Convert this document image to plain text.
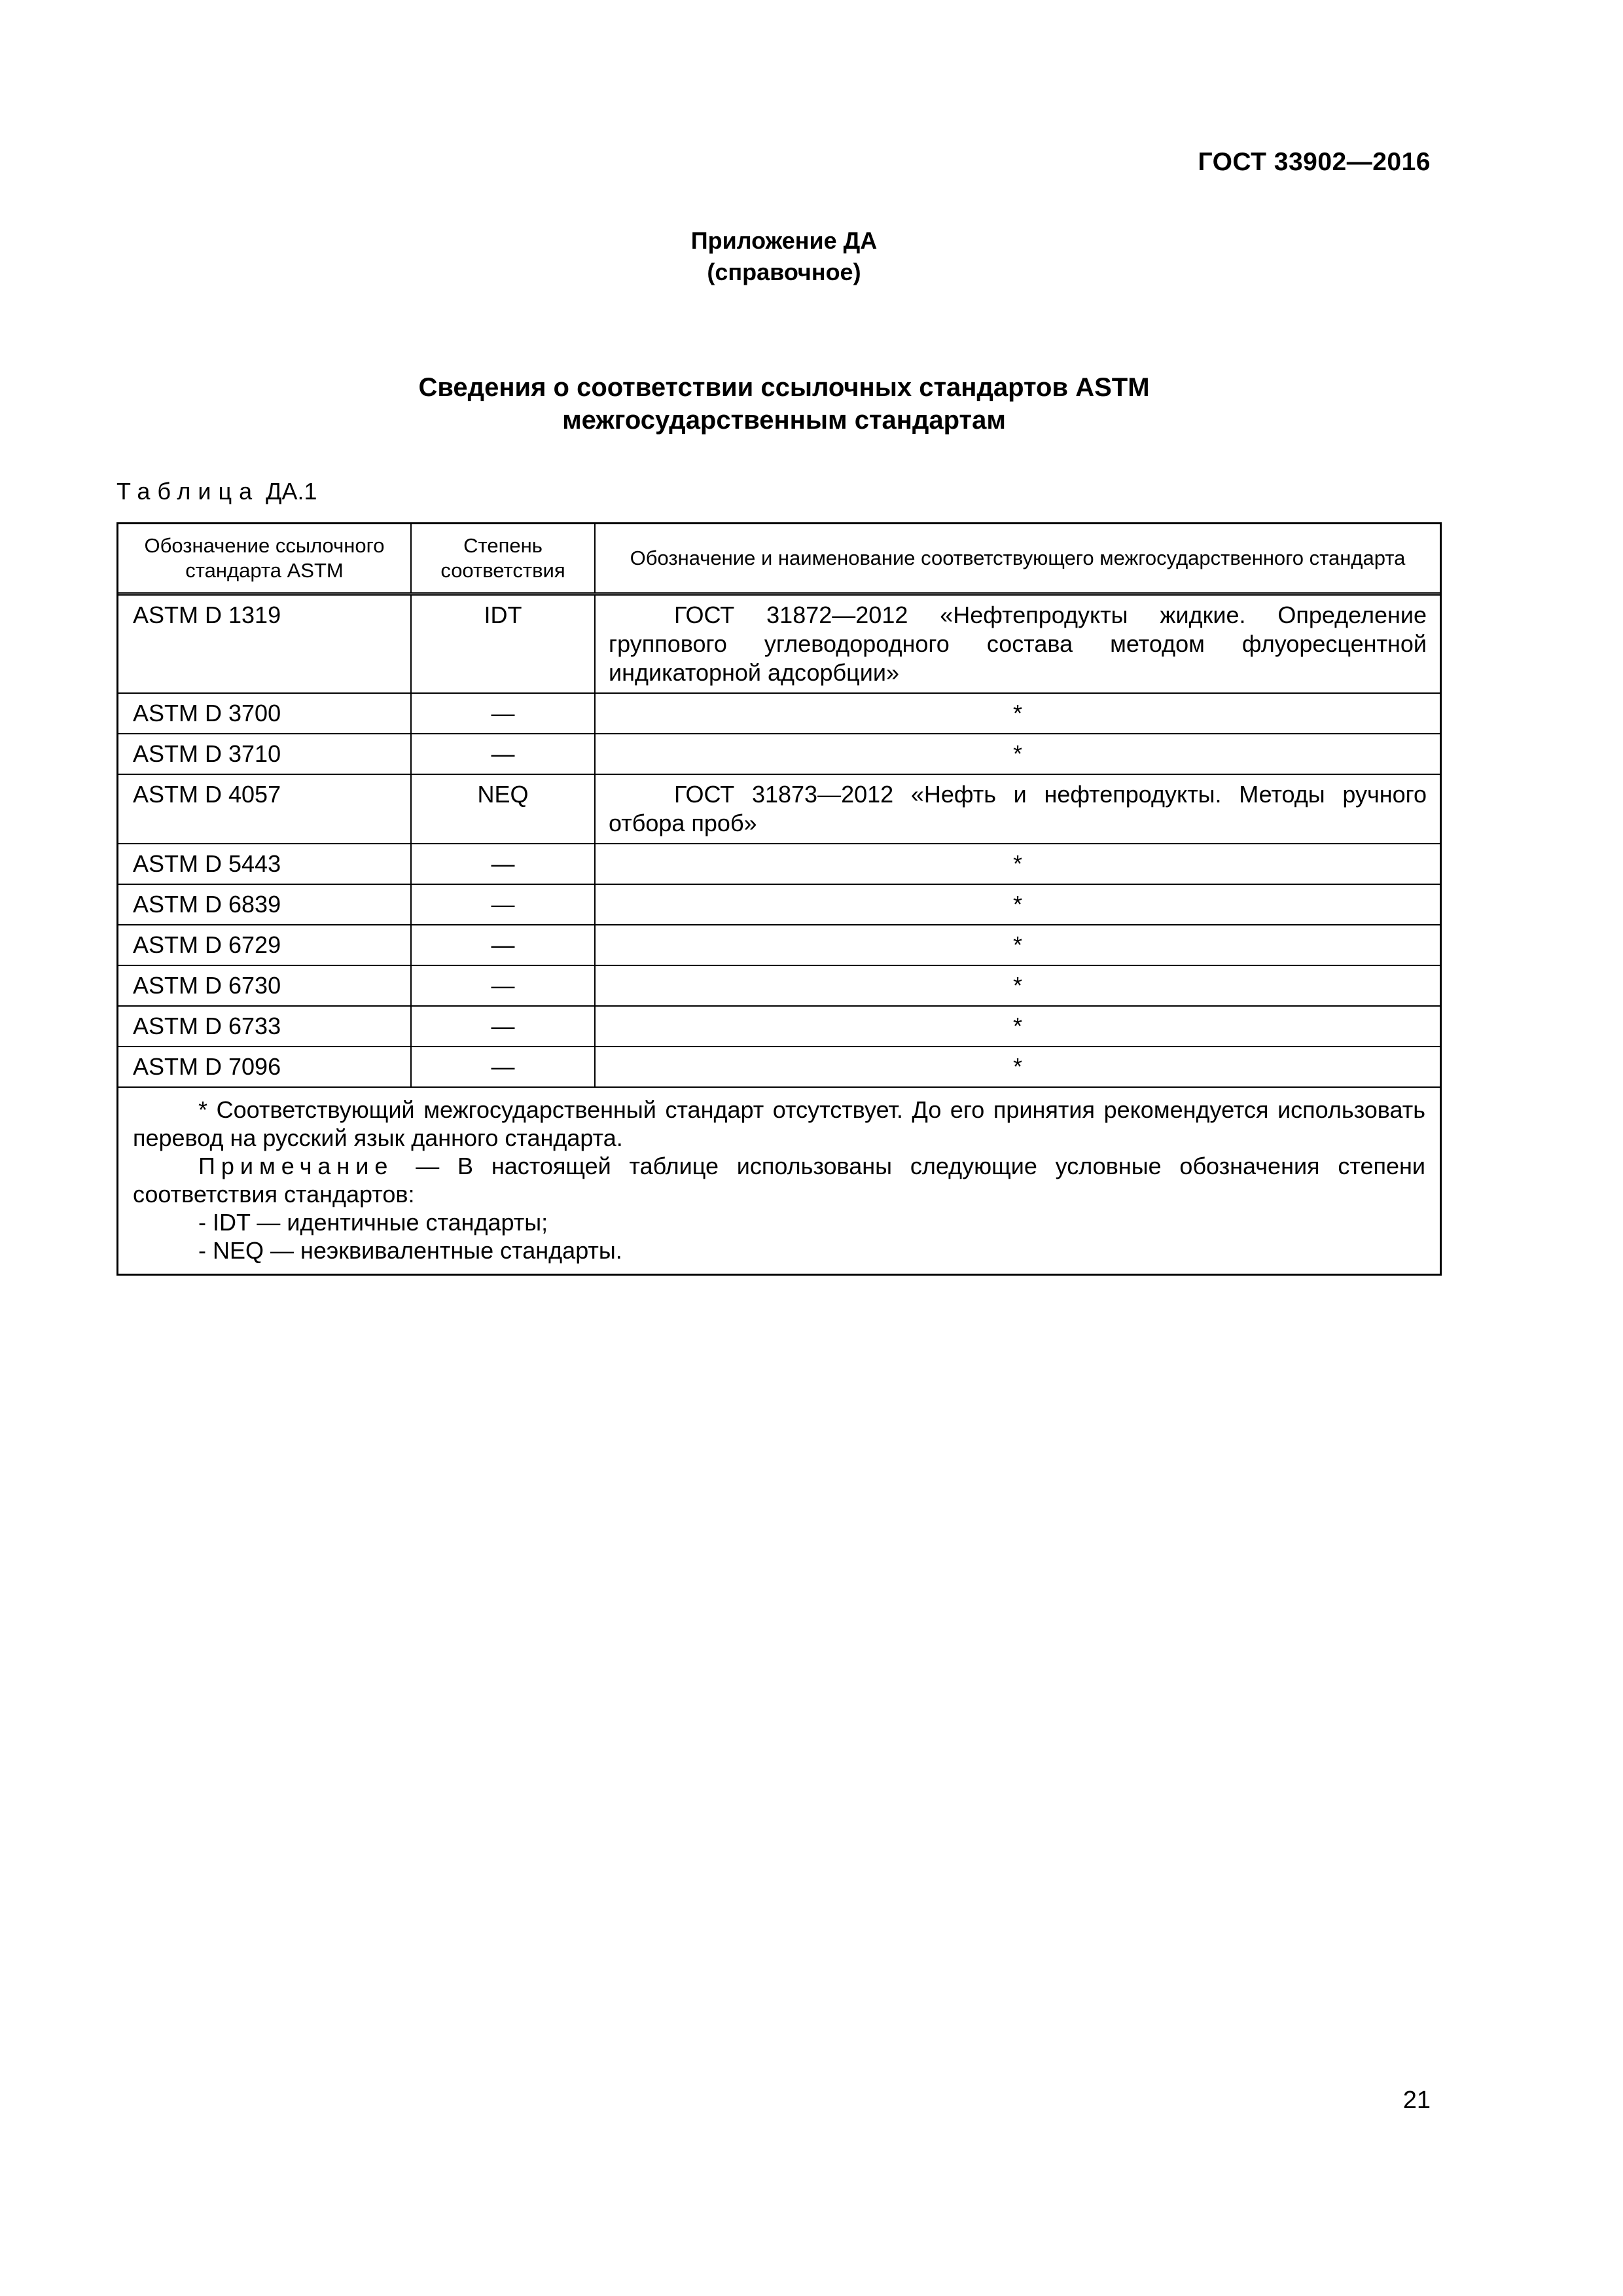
ГОСТ 33902—2016
Приложение ДА
(справочное)
Сведения о соответствии ссылочных стандартов ASTM
межгосударственным стандартам
Таблица ДА.1
Обозначение ссылочного стандарта ASTM	Степень соответствия	Обозначение и наименование соответствующего межгосударственного стандарта
ASTM D 1319	IDT	ГОСТ 31872—2012 «Нефтепродукты жидкие. Определение группового углеводородного состава методом флуоресцентной индикаторной адсорбции»
ASTM D 3700	—	*
ASTM D 3710	—	*
ASTM D 4057	NEQ	ГОСТ 31873—2012 «Нефть и нефтепродукты. Методы ручного отбора проб»
ASTM D 5443	—	*
ASTM D 6839	—	*
ASTM D 6729	—	*
ASTM D 6730	—	*
ASTM D 6733	—	*
ASTM D 7096	—	*

* Соответствующий межгосударственный стандарт отсутствует. До его принятия рекомендуется использовать перевод на русский язык данного стандарта.

Примечание — В настоящей таблице использованы следующие условные обозначения степени соответствия стандартов:

- IDT — идентичные стандарты;
- NEQ — неэквивалентные стандарты.		
21
